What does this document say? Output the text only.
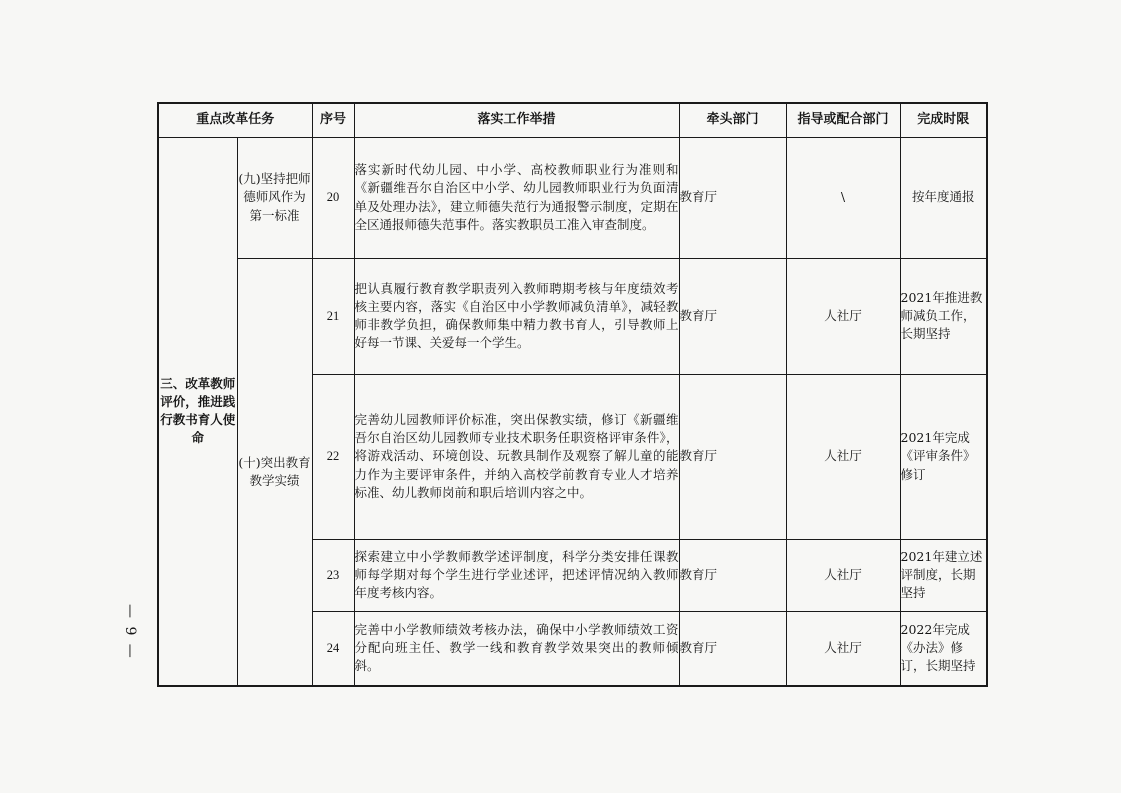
重点改革任务		序号	落实工作举措	牵头部门	指导或配合部门	完成时限
三、改革教师评价，推进践行教书育人使命	(九)坚持把师德师风作为第一标准	20	落实新时代幼儿园、中小学、高校教师职业行为准则和《新疆维吾尔自治区中小学、幼儿园教师职业行为负面清单及处理办法》，建立师德失范行为通报警示制度，定期在全区通报师德失范事件。落实教职员工准入审查制度。	教育厅	\	按年度通报
	(十)突出教育教学实绩	21	把认真履行教育教学职责列入教师聘期考核与年度绩效考核主要内容，落实《自治区中小学教师减负清单》，减轻教师非教学负担，确保教师集中精力教书育人，引导教师上好每一节课、关爱每一个学生。	教育厅	人社厅	2021年推进教师减负工作，长期坚持
		22	完善幼儿园教师评价标准，突出保教实绩，修订《新疆维吾尔自治区幼儿园教师专业技术职务任职资格评审条件》，将游戏活动、环境创设、玩教具制作及观察了解儿童的能力作为主要评审条件，并纳入高校学前教育专业人才培养标准、幼儿教师岗前和职后培训内容之中。	教育厅	人社厅	2021年完成《评审条件》修订
		23	探索建立中小学教师教学述评制度，科学分类安排任课教师每学期对每个学生进行学业述评，把述评情况纳入教师年度考核内容。	教育厅	人社厅	2021年建立述评制度，长期坚持
		24	完善中小学教师绩效考核办法，确保中小学教师绩效工资分配向班主任、教学一线和教育教学效果突出的教师倾斜。	教育厅	人社厅	2022年完成《办法》修订，长期坚持
— 9 —
